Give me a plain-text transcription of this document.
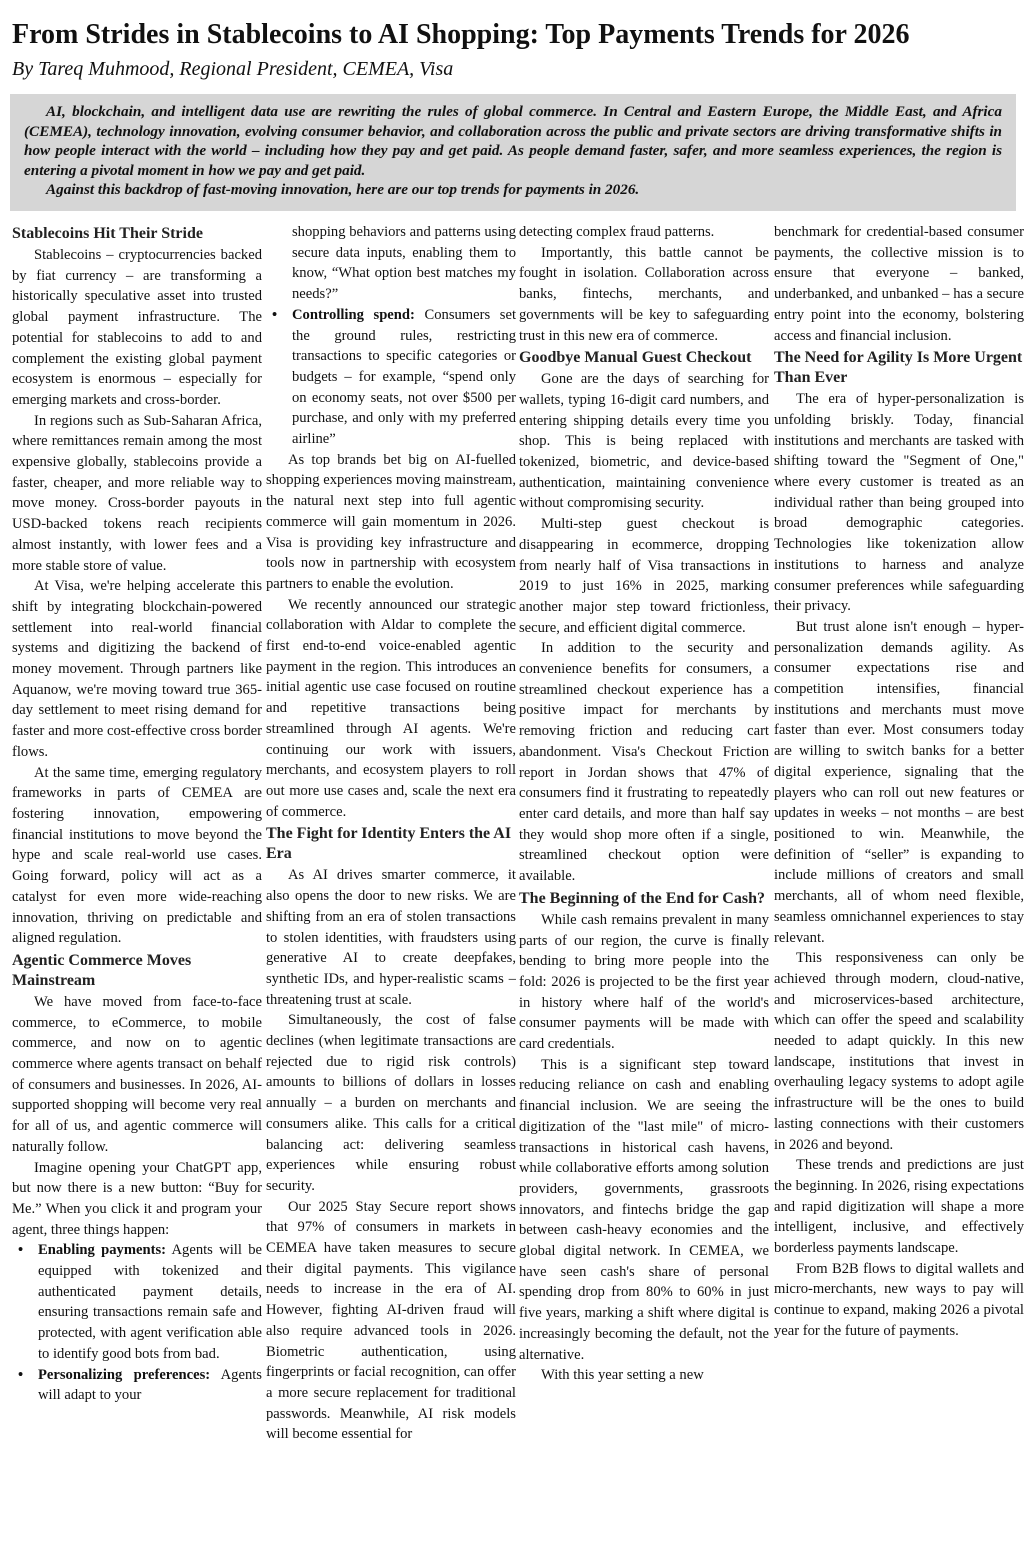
From Strides in Stablecoins to AI Shopping: Top Payments Trends for 2026
By Tareq Muhmood, Regional President, CEMEA, Visa

AI, blockchain, and intelligent data use are rewriting the rules of global commerce. In Central and Eastern Europe, the Middle East, and Africa (CEMEA), technology innovation, evolving consumer behavior, and collaboration across the public and private sectors are driving transformative shifts in how people interact with the world – including how they pay and get paid. As people demand faster, safer, and more seamless experiences, the region is entering a pivotal moment in how we pay and get paid.

Against this backdrop of fast-moving innovation, here are our top trends for payments in 2026.

Stablecoins Hit Their Stride

Stablecoins – cryptocurrencies backed by fiat currency – are transforming a historically speculative asset into trusted global payment infrastructure. The potential for stablecoins to add to and complement the existing global payment ecosystem is enormous – especially for emerging markets and cross-border.

In regions such as Sub-Saharan Africa, where remittances remain among the most expensive globally, stablecoins provide a faster, cheaper, and more reliable way to move money. Cross-border payouts in USD-backed tokens reach recipients almost instantly, with lower fees and a more stable store of value.

At Visa, we're helping accelerate this shift by integrating blockchain-powered settlement into real-world financial systems and digitizing the backend of money movement. Through partners like Aquanow, we're moving toward true 365-day settlement to meet rising demand for faster and more cost-effective cross border flows.

At the same time, emerging regulatory frameworks in parts of CEMEA are fostering innovation, empowering financial institutions to move beyond the hype and scale real-world use cases. Going forward, policy will act as a catalyst for even more wide-reaching innovation, thriving on predictable and aligned regulation.

Agentic Commerce Moves Mainstream

We have moved from face-to-face commerce, to eCommerce, to mobile commerce, and now on to agentic commerce where agents transact on behalf of consumers and businesses. In 2026, AI-supported shopping will become very real for all of us, and agentic commerce will naturally follow.

Imagine opening your ChatGPT app, but now there is a new button: “Buy for Me.” When you click it and program your agent, three things happen:

• Enabling payments: Agents will be equipped with tokenized and authenticated payment details, ensuring transactions remain safe and protected, with agent verification able to identify good bots from bad.
• Personalizing preferences: Agents will adapt to your
shopping behaviors and patterns using secure data inputs, enabling them to know, “What option best matches my needs?”
• Controlling spend: Consumers set the ground rules, restricting transactions to specific categories or budgets – for example, “spend only on economy seats, not over $500 per purchase, and only with my preferred airline”

As top brands bet big on AI-fuelled shopping experiences moving mainstream, the natural next step into full agentic commerce will gain momentum in 2026. Visa is providing key infrastructure and tools now in partnership with ecosystem partners to enable the evolution.

We recently announced our strategic collaboration with Aldar to complete the first end-to-end voice-enabled agentic payment in the region. This introduces an initial agentic use case focused on routine and repetitive transactions being streamlined through AI agents. We're continuing our work with issuers, merchants, and ecosystem players to roll out more use cases and, scale the next era of commerce.

The Fight for Identity Enters the AI Era

As AI drives smarter commerce, it also opens the door to new risks. We are shifting from an era of stolen transactions to stolen identities, with fraudsters using generative AI to create deepfakes, synthetic IDs, and hyper-realistic scams – threatening trust at scale.

Simultaneously, the cost of false declines (when legitimate transactions are rejected due to rigid risk controls) amounts to billions of dollars in losses annually – a burden on merchants and consumers alike. This calls for a critical balancing act: delivering seamless experiences while ensuring robust security.

Our 2025 Stay Secure report shows that 97% of consumers in markets in CEMEA have taken measures to secure their digital payments. This vigilance needs to increase in the era of AI. However, fighting AI-driven fraud will also require advanced tools in 2026. Biometric authentication, using fingerprints or facial recognition, can offer a more secure replacement for traditional passwords. Meanwhile, AI risk models will become essential for

detecting complex fraud patterns.

Importantly, this battle cannot be fought in isolation. Collaboration across banks, fintechs, merchants, and governments will be key to safeguarding trust in this new era of commerce.

Goodbye Manual Guest Checkout

Gone are the days of searching for wallets, typing 16-digit card numbers, and entering shipping details every time you shop. This is being replaced with tokenized, biometric, and device-based authentication, maintaining convenience without compromising security.

Multi-step guest checkout is disappearing in ecommerce, dropping from nearly half of Visa transactions in 2019 to just 16% in 2025, marking another major step toward frictionless, secure, and efficient digital commerce.

In addition to the security and convenience benefits for consumers, a streamlined checkout experience has a positive impact for merchants by removing friction and reducing cart abandonment. Visa's Checkout Friction report in Jordan shows that 47% of consumers find it frustrating to repeatedly enter card details, and more than half say they would shop more often if a single, streamlined checkout option were available.

The Beginning of the End for Cash?

While cash remains prevalent in many parts of our region, the curve is finally bending to bring more people into the fold: 2026 is projected to be the first year in history where half of the world's consumer payments will be made with card credentials.

This is a significant step toward reducing reliance on cash and enabling financial inclusion. We are seeing the digitization of the "last mile" of micro-transactions in historical cash havens, while collaborative efforts among solution providers, governments, grassroots innovators, and fintechs bridge the gap between cash-heavy economies and the global digital network. In CEMEA, we have seen cash's share of personal spending drop from 80% to 60% in just five years, marking a shift where digital is increasingly becoming the default, not the alternative.

With this year setting a new

benchmark for credential-based consumer payments, the collective mission is to ensure that everyone – banked, underbanked, and unbanked – has a secure entry point into the economy, bolstering access and financial inclusion.

The Need for Agility Is More Urgent Than Ever

The era of hyper-personalization is unfolding briskly. Today, financial institutions and merchants are tasked with shifting toward the "Segment of One," where every customer is treated as an individual rather than being grouped into broad demographic categories. Technologies like tokenization allow institutions to harness and analyze consumer preferences while safeguarding their privacy.

But trust alone isn't enough – hyper-personalization demands agility. As consumer expectations rise and competition intensifies, financial institutions and merchants must move faster than ever. Most consumers today are willing to switch banks for a better digital experience, signaling that the players who can roll out new features or updates in weeks – not months – are best positioned to win. Meanwhile, the definition of “seller” is expanding to include millions of creators and small merchants, all of whom need flexible, seamless omnichannel experiences to stay relevant.

This responsiveness can only be achieved through modern, cloud-native, and microservices-based architecture, which can offer the speed and scalability needed to adapt quickly. In this new landscape, institutions that invest in overhauling legacy systems to adopt agile infrastructure will be the ones to build lasting connections with their customers in 2026 and beyond.

These trends and predictions are just the beginning. In 2026, rising expectations and rapid digitization will shape a more intelligent, inclusive, and effectively borderless payments landscape.

From B2B flows to digital wallets and micro-merchants, new ways to pay will continue to expand, making 2026 a pivotal year for the future of payments.
